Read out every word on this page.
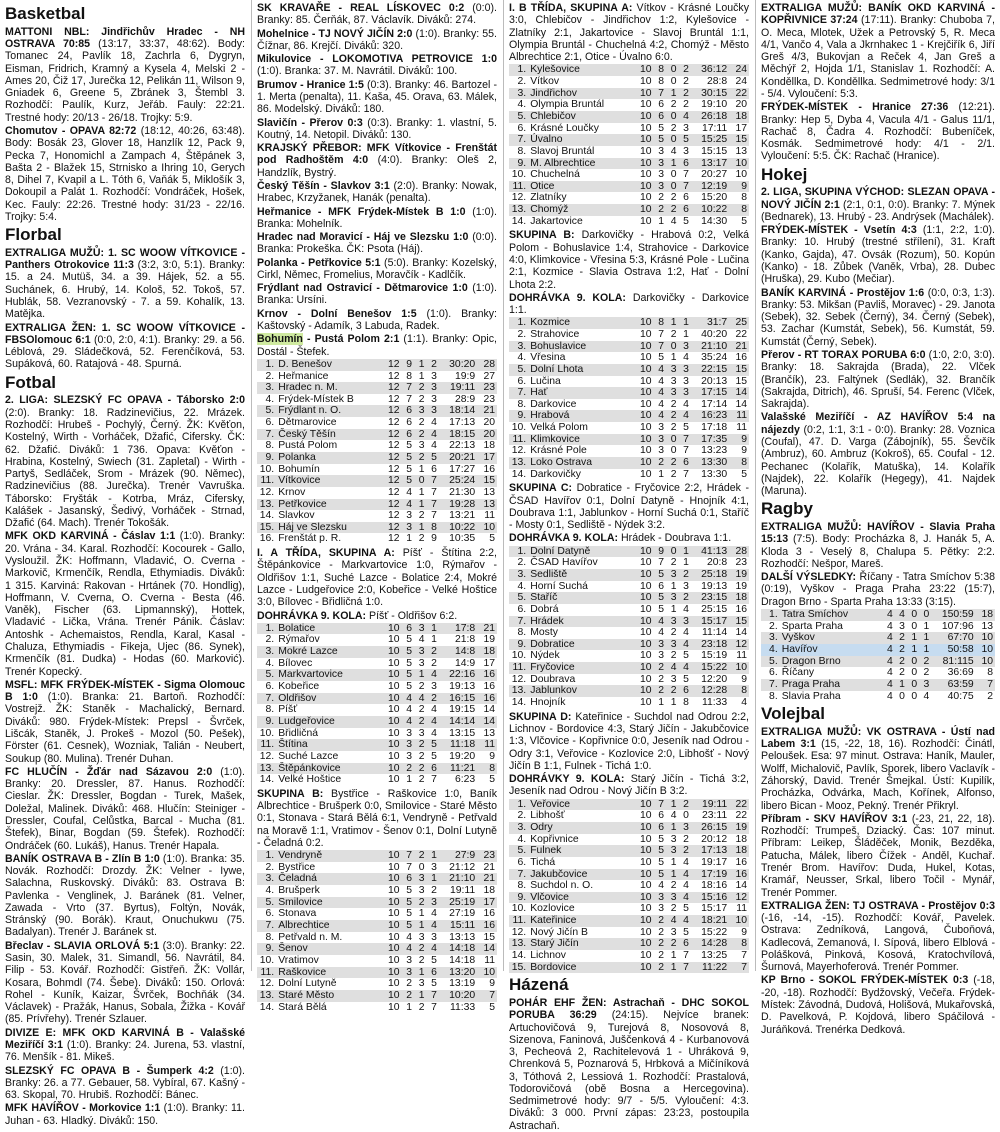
Basketbal

MATTONI NBL: Jindřichův Hradec - NH OSTRAVA 70:85 (13:17, 33:37, 48:62). Body: Tomanec 24, Pavlík 18, Zachrla 6, Dygryn, Eisman, Fridrich, Kramný a Kysela 4, Melski 2 - Ames 20, Čiž 17, Jurečka 12, Pelikán 11, Wilson 9, Gniadek 6, Greene 5, Zbránek 3, Štembl 3. Rozhodčí: Paulík, Kurz, Jeřáb. Fauly: 22:21. Trestné hody: 20/13 - 26/18. Trojky: 5:9.

Chomutov - OPAVA 82:72 (18:12, 40:26, 63:48). Body: Bosák 23, Glover 18, Hanzlík 12, Pack 9, Pecka 7, Honomichl a Zampach 4, Štěpánek 3, Bašta 2 - Blažek 15, Strnisko a Ihring 10, Gerych 8, Dihel 7, Kvapil a L. Tóth 6, Vaňák 5, Miklošík 3, Dokoupil a Palát 1. Rozhodčí: Vondráček, Hošek, Kec. Fauly: 22:26. Trestné hody: 31/23 - 22/16. Trojky: 5:4.

Florbal

EXTRALIGA MUŽŮ: 1. SC WOOW VÍTKOVICE - Panthers Otrokovice 11:3 (3:2, 3:0, 5:1). Branky: 15. a 24. Mutüš, 34. a 39. Hájek, 52. a 55. Suchánek, 6. Hrubý, 14. Kološ, 52. Tokoš, 57. Hublák, 58. Vezranovský - 7. a 59. Kohalík, 13. Matějka.

EXTRALIGA ŽEN: 1. SC WOOW VÍTKOVICE - FBSOlomouc 6:1 (0:0, 2:0, 4:1). Branky: 29. a 56. Léblová, 29. Sládečková, 52. Ferenčíková, 53. Supáková, 60. Ratajová - 48. Spurná.

Fotbal

2. LIGA: SLEZSKÝ FC OPAVA - Táborsko 2:0 (2:0). Branky: 18. Radzinevičius, 22. Mrázek. Rozhodčí: Hrubeš - Pochylý, Černý. ŽK: Kvěťon, Kostelný, Wirth - Vorháček, Džafić, Cifersky. ČK: 62. Džafić. Diváků: 1 736. Opava: Kvěťon - Hrabina, Kostelný, Swiech (31. Zapletal) - Wirth - Partyš, Sedláček, Srom - Mrázek (90. Němec), Radzinevičius (88. Jurečka). Trenér Vavruška. Táborsko: Fryšták - Kotrba, Mráz, Cifersky, Kalášek - Jasanský, Šedivý, Vorháček - Strnad, Džafić (64. Mach). Trenér Tokošák.

MFK OKD KARVINÁ - Čáslav 1:1 (1:0). Branky: 20. Vrána - 34. Karal. Rozhodčí: Kocourek - Gallo, Vysloužil. ŽK: Hoffmann, Vladavić, O. Cverna - Markovič, Krmenčík, Rendla, Ethymiadis. Diváků: 1 315. Karviná: Rakovan - Hrtánek (70. Hondlig), Hoffmann, V. Cverna, O. Cverna - Besta (46. Vaněk), Fischer (63. Lipmannský), Hottek, Vladavić - Lička, Vrána. Trenér Pánik. Čáslav: Antoshk - Achemaistos, Rendla, Karal, Kasal - Chaluza, Ethymiadis - Fikeja, Ujec (86. Synek), Krmenčík (81. Dudka) - Hodas (60. Marković). Trenér Kopecký.

MSFL: MFK FRÝDEK-MÍSTEK - Sigma Olomouc B 1:0 (1:0). Branka: 21. Bartoň. Rozhodčí: Vostrejž. ŽK: Staněk - Machalický, Bernard. Diváků: 980. Frýdek-Místek: Prepsl - Švrček, Lišcák, Staněk, J. Prokeš - Mozol (50. Pešek), Förster (61. Cesnek), Wozniak, Talián - Neubert, Soukup (80. Mulina). Trenér Duhan.

FC HLUČÍN - Žďár nad Sázavou 2:0 (1:0). Branky: 20. Dressler, 87. Hanus. Rozhodčí: Cieslar. ŽK: Dressler, Bogdan - Turek, Mašek, Doležal, Malinek. Diváků: 468. Hlučín: Steiniger - Dressler, Coufal, Celůstka, Barcal - Mucha (81. Štefek), Binar, Bogdan (59. Štefek). Rozhodčí: Ondráček (60. Lukáš), Hanus. Trenér Hapala.

BANÍK OSTRAVA B - Zlín B 1:0 (1:0). Branka: 35. Novák. Rozhodčí: Drozdy. ŽK: Velner - Iywe, Salachna, Ruskovský. Diváků: 83. Ostrava B: Pavlenka - Venglinek, J. Baránek (81. Velner, Zawada - Vrto (37. Byrtus), Foltýn, Novák, Stránský (90. Borák). Kraut, Onuchukwu (75. Badalyan). Trenér J. Baránek st.

Břeclav - SLAVIA ORLOVÁ 5:1 (3:0). Branky: 22. Sasin, 30. Malek, 31. Simandl, 56. Navrátil, 84. Filip - 53. Kovář. Rozhodčí: Gistřeň. ŽK: Vollár, Kosara, Bohmdl (74. Šebe). Diváků: 150. Orlová: Rohel - Kuník, Kaizar, Švrček, Bochňák (34. Václavek) - Pražák, Hanus, Sobala, Žižka - Kovář (85. Prívřehy). Trenér Szlauer.

DIVIZE E: MFK OKD KARVINÁ B - Valašské Meziříčí 3:1 (1:0). Branky: 24. Jurena, 53. vlastní, 76. Menšík - 81. Mikeš.

SLEZSKÝ FC OPAVA B - Šumperk 4:2 (1:0). Branky: 26. a 77. Gebauer, 58. Vybíral, 67. Kašný - 63. Skopal, 70. Hrubiš. Rozhodčí: Bánec.

MFK HAVÍŘOV - Morkovice 1:1 (1:0). Branky: 11. Juhan - 63. Hladký. Diváků: 150.

SK KRAVAŘE - REAL LÍSKOVEC 0:2 (0:0). Branky: 85. Čerňák, 87. Václavík. Diváků: 274.

Mohelnice - TJ NOVÝ JIČÍN 2:0 (1:0). Branky: 55. Čížnar, 86. Krejčí. Diváků: 320.

Mikulovice - LOKOMOTIVA PETROVICE 1:0 (1:0). Branka: 37. M. Navrátil. Diváků: 100.

Brumov - Hranice 1:5 (0:3). Branky: 46. Bartozel - 1. Merta (penalta), 11. Kaša, 45. Orava, 63. Málek, 86. Modelský. Diváků: 180.

Slavičín - Přerov 0:3 (0:3). Branky: 1. vlastní, 5. Koutný, 14. Netopil. Diváků: 130.

KRAJSKÝ PŘEBOR: MFK Vítkovice - Frenštát pod Radhoštěm 4:0 (4:0). Branky: Oleš 2, Handzlík, Bystrý.

Český Těšín - Slavkov 3:1 (2:0). Branky: Nowak, Hrabec, Krzyžanek, Hanák (penalta).

Heřmanice - MFK Frýdek-Místek B 1:0 (1:0). Branka: Mohelník.

Hradec nad Moravicí - Háj ve Slezsku 1:0 (0:0). Branka: Prokeška. ČK: Psota (Háj).

Polanka - Petřkovice 5:1 (5:0). Branky: Kozelský, Cirkl, Němec, Fromelius, Moravčík - Kadlčík.

Frýdlant nad Ostravicí - Dětmarovice 1:0 (1:0). Branka: Ursíni.

Krnov - Dolní Benešov 1:5 (1:0). Branky: Kaštovský - Adamík, 3 Labuda, Radek.

Bohumín - Pustá Polom 2:1 (1:1). Branky: Opic, Dostál - Štefek.

1.	D. Benešov	12	9	1	2	30:20	28
2.	Heřmanice	12	8	1	3	19:9	27
3.	Hradec n. M.	12	7	2	3	19:11	23
4.	Frýdek-Místek B	12	7	2	3	28:9	23
5.	Frýdlant n. O.	12	6	3	3	18:14	21
6.	Dětmarovice	12	6	2	4	17:13	20
7.	Český Těšín	12	6	2	4	18:15	20
8.	Pustá Polom	12	5	3	4	22:13	18
9.	Polanka	12	5	2	5	20:21	17
10.	Bohumín	12	5	1	6	17:27	16
11.	Vítkovice	12	5	0	7	25:24	15
12.	Krnov	12	4	1	7	21:30	13
13.	Petřkovice	12	4	1	7	19:28	13
14.	Slavkov	12	3	2	7	13:21	11
15.	Háj ve Slezsku	12	3	1	8	10:22	10
16.	Frenštát p. R.	12	1	2	9	10:35	5

I. A TŘÍDA, SKUPINA A: Píšť - Štítina 2:2, Štěpánkovice - Markvartovice 1:0, Rýmařov - Oldřišov 1:1, Suché Lazce - Bolatice 2:4, Mokré Lazce - Ludgeřovice 2:0, Kobeřice - Velké Hoštice 3:0, Bílovec - Břidličná 1:0.

DOHRÁVKA 9. KOLA: Píšť - Oldřišov 6:2.

1.	Bolatice	10	6	3	1	17:8	21
2.	Rýmařov	10	5	4	1	21:8	19
3.	Mokré Lazce	10	5	3	2	14:8	18
4.	Bílovec	10	5	3	2	14:9	17
5.	Markvartovice	10	5	1	4	22:16	16
6.	Kobeřice	10	5	2	3	19:13	16
7.	Oldřišov	10	4	4	2	16:15	16
8.	Píšť	10	4	2	4	19:15	14
9.	Ludgeřovice	10	4	2	4	14:14	14
10.	Břidličná	10	3	3	4	13:15	13
11.	Štítina	10	3	2	5	11:18	11
12.	Suché Lazce	10	3	2	5	19:20	9
13.	Štěpánkovice	10	2	2	6	11:21	8
14.	Velké Hoštice	10	1	2	7	6:23	5

SKUPINA B: Bystřice - Raškovice 1:0, Baník Albrechtice - Brušperk 0:0, Smilovice - Staré Město 0:1, Stonava - Stará Bělá 6:1, Vendryně - Petřvald na Moravě 1:1, Vratimov - Šenov 0:1, Dolní Lutyně - Čeladná 0:2.

1.	Vendryně	10	7	2	1	27:9	23
2.	Bystřice	10	7	0	3	21:12	21
3.	Čeladná	10	6	3	1	21:10	21
4.	Brušperk	10	5	3	2	19:11	18
5.	Smilovice	10	5	2	3	25:19	17
6.	Stonava	10	5	1	4	27:19	16
7.	Albrechtice	10	5	1	4	15:11	16
8.	Petřvald n. M.	10	4	3	3	13:13	15
9.	Šenov	10	4	2	4	14:18	14
10.	Vratimov	10	3	2	5	14:18	11
11.	Raškovice	10	3	1	6	13:20	10
12.	Dolní Lutyně	10	2	3	5	13:19	9
13.	Staré Město	10	2	1	7	10:20	7
14.	Stará Bělá	10	1	2	7	11:33	5

I. B TŘÍDA, SKUPINA A: Vítkov - Krásné Loučky 3:0, Chlebičov - Jindřichov 1:2, Kylešovice - Zlatníky 2:1, Jakartovice - Slavoj Bruntál 1:1, Olympia Bruntál - Chuchelná 4:2, Chomýž - Město Albrechtice 2:1, Otice - Úvalno 6:0.

1.	Kylešovice	10	8	0	2	36:12	24
2.	Vítkov	10	8	0	2	28:8	24
3.	Jindřichov	10	7	1	2	30:15	22
4.	Olympia Bruntál	10	6	2	2	19:10	20
5.	Chlebičov	10	6	0	4	26:18	18
6.	Krásné Loučky	10	5	2	3	17:11	17
7.	Úvalno	10	5	0	5	15:25	15
8.	Slavoj Bruntál	10	3	4	3	15:15	13
9.	M. Albrechtice	10	3	1	6	13:17	10
10.	Chuchelná	10	3	0	7	20:27	10
11.	Otice	10	3	0	7	12:19	9
12.	Zlatníky	10	2	2	6	15:20	8
13.	Chomýž	10	2	2	6	10:22	8
14.	Jakartovice	10	1	4	5	14:30	5

SKUPINA B: Darkovičky - Hrabová 0:2, Velká Polom - Bohuslavice 1:4, Strahovice - Darkovice 4:0, Klimkovice - Vřesina 5:3, Krásné Pole - Lučina 2:1, Kozmice - Slavia Ostrava 1:2, Hať - Dolní Lhota 2:2.

DOHRÁVKA 9. KOLA: Darkovičky - Darkovice 1:1.

1.	Kozmice	10	8	1	1	31:7	25
2.	Strahovice	10	7	2	1	40:20	22
3.	Bohuslavice	10	7	0	3	21:10	21
4.	Vřesina	10	5	1	4	35:24	16
5.	Dolní Lhota	10	4	3	3	22:15	15
6.	Lučina	10	4	3	3	20:13	15
7.	Hať	10	4	3	3	17:15	14
8.	Darkovice	10	4	2	4	17:14	14
9.	Hrabová	10	4	2	4	16:23	11
10.	Velká Polom	10	3	2	5	17:18	11
11.	Klimkovice	10	3	0	7	17:35	9
12.	Krásné Pole	10	3	0	7	13:23	9
13.	Loko Ostrava	10	2	2	6	13:30	8
14.	Darkovičky	10	1	2	7	13:30	5

SKUPINA C: Dobratice - Fryčovice 2:2, Hrádek - ČSAD Havířov 0:1, Dolní Datyně - Hnojník 4:1, Doubrava 1:1, Jablunkov - Horní Suchá 0:1, Staříč - Mosty 0:1, Sedliště - Nýdek 3:2.

DOHRÁVKA 9. KOLA: Hrádek - Doubrava 1:1.

1.	Dolní Datyně	10	9	0	1	41:13	28
2.	ČSAD Havířov	10	7	2	1	20:8	23
3.	Sedliště	10	5	3	2	25:18	19
4.	Horní Suchá	10	6	1	3	19:13	19
5.	Staříč	10	5	3	2	23:15	18
6.	Dobrá	10	5	1	4	25:15	16
7.	Hrádek	10	4	3	3	15:17	15
8.	Mosty	10	4	2	4	11:14	14
9.	Dobratice	10	3	3	4	23:18	12
10.	Nýdek	10	3	2	5	15:19	11
11.	Fryčovice	10	2	4	4	15:22	10
12.	Doubrava	10	2	3	5	12:20	9
13.	Jablunkov	10	2	2	6	12:28	8
14.	Hnojník	10	1	1	8	11:33	4

SKUPINA D: Kateřinice - Suchdol nad Odrou 2:2, Lichnov - Bordovice 4:3, Starý Jičín - Jakubčovice 1:3, Vlčovice - Kopřivnice 0:0, Jeseník nad Odrou - Odry 3:1, Veřovice - Kozlovice 2:0, Libhošť - Nový Jičín B 1:1, Fulnek - Tichá 1:0.

DOHRÁVKY 9. KOLA: Starý Jičín - Tichá 3:2, Jeseník nad Odrou - Nový Jičín B 3:2.

1.	Veřovice	10	7	1	2	19:11	22
2.	Libhošť	10	6	4	0	23:11	22
3.	Odry	10	6	1	3	26:15	19
4.	Kopřivnice	10	5	3	2	20:12	18
5.	Fulnek	10	5	3	2	17:13	18
6.	Tichá	10	5	1	4	19:17	16
7.	Jakubčovice	10	5	1	4	17:19	16
8.	Suchdol n. O.	10	4	2	4	18:16	14
9.	Vlčovice	10	3	3	4	15:16	12
10.	Kozlovice	10	3	2	5	15:17	11
11.	Kateřinice	10	2	4	4	18:21	10
12.	Nový Jičín B	10	2	3	5	15:22	9
13.	Starý Jičín	10	2	2	6	14:28	8
14.	Lichnov	10	2	1	7	13:25	7
15.	Bordovice	10	2	1	7	11:22	7
Házená

POHÁR EHF ŽEN: Astrachaň - DHC SOKOL PORUBA 36:29 (24:15). Nejvíce branek: Artuchovičová 9, Turejová 8, Nosovová 8, Sizenova, Faninová, Juščenková 4 - Kurbanovová 3, Pecheová 2, Rachitelevová 1 - Uhráková 9, Chrenková 5, Poznarová 5, Hrbková a Mičíníková 3, Tóthová 2, Lessiová 1. Rozhodčí: Prastalová, Todorovičová (obě Bosna a Hercegovina). Sedmimetrové hody: 9/7 - 5/5. Vyloučení: 4:3. Diváků: 3 000. První zápas: 23:23, postoupila Astrachaň.

EXTRALIGA MUŽŮ: BANÍK OKD KARVINÁ - KOPŘIVNICE 37:24 (17:11). Branky: Chuboba 7, O. Meca, Mlotek, Užek a Petrovský 5, R. Meca 4/1, Vančo 4, Vala a Jkrnhakec 1 - Krejčiřík 6, Jiří Greš 4/3, Bukovjan a Reček 4, Jan Greš a Měchýř 2, Hojda 1/1, Stanislav 1. Rozhodčí: A. Konděllka, D. Konděllka. Sedmimetrové hody: 3/1 - 5/4. Vyloučení: 5:3.

FRÝDEK-MÍSTEK - Hranice 27:36 (12:21). Branky: Hep 5, Dyba 4, Vacula 4/1 - Galus 11/1, Rachač 8, Čadra 4. Rozhodčí: Bubeníček, Kosmák. Sedmimetrové hody: 4/1 - 2/1. Vyloučení: 5:5. ČK: Rachač (Hranice).

Hokej

2. LIGA, SKUPINA VÝCHOD: SLEZAN OPAVA - NOVÝ JIČÍN 2:1 (2:1, 0:1, 0:0). Branky: 7. Mýnek (Bednarek), 13. Hrubý - 23. Andrýsek (Machálek).

FRÝDEK-MÍSTEK - Vsetín 4:3 (1:1, 2:2, 1:0). Branky: 10. Hrubý (trestné střílení), 31. Kraft (Kanko, Gajda), 47. Ovsák (Rozum), 50. Kopún (Kanko) - 18. Zůbek (Vaněk, Vrba), 28. Dubec (Hruška), 29. Kubo (Mečiar).

BANÍK KARVINÁ - Prostějov 1:6 (0:0, 0:3, 1:3). Branky: 53. Mikšan (Pavliš, Moravec) - 29. Janota (Sebek), 32. Sebek (Černý), 34. Černý (Sebek), 53. Zachar (Kumstát, Sebek), 56. Kumstát, 59. Kumstát (Černý, Sebek).

Přerov - RT TORAX PORUBA 6:0 (1:0, 2:0, 3:0). Branky: 18. Sakrajda (Brada), 22. Vlček (Brančík), 23. Faltýnek (Sedlák), 32. Brančík (Sakrajda, Ditrich), 46. Spruší, 54. Ferenc (Vlček, Sakrajda).

Valašské Meziříčí - AZ HAVÍŘOV 5:4 na nájezdy (0:2, 1:1, 3:1 - 0:0). Branky: 28. Voznica (Coufal), 47. D. Varga (Zábojník), 55. Ševčík (Ambruz), 60. Ambruz (Kokroš), 65. Coufal - 12. Pechanec (Kolařík, Matuška), 14. Kolařík (Najdek), 22. Kolařík (Hegegy), 41. Najdek (Maruna).

Ragby

EXTRALIGA MUŽŮ: HAVÍŘOV - Slavia Praha 15:13 (7:5). Body: Procházka 8, J. Hanák 5, A. Kloda 3 - Veselý 8, Chalupa 5. Pětky: 2:2. Rozhodčí: Nešpor, Mareš.

DALŠÍ VÝSLEDKY: Říčany - Tatra Smíchov 5:38 (0:19), Vyškov - Praga Praha 23:22 (15:7), Dragon Brno - Sparta Praha 13:33 (3:15).

1.	Tatra Smíchov	4	4	0	0	150:59	18
2.	Sparta Praha	4	3	0	1	107:96	13
3.	Vyškov	4	2	1	1	67:70	10
4.	Havířov	4	2	1	1	50:58	10
5.	Dragon Brno	4	2	0	2	81:115	10
6.	Říčany	4	2	0	2	36:69	8
7.	Praga Praha	4	1	0	3	63:59	7
8.	Slavia Praha	4	0	0	4	40:75	2
Volejbal

EXTRALIGA MUŽŮ: VK OSTRAVA - Ústí nad Labem 3:1 (15, -22, 18, 16). Rozhodčí: Činátl, Peloušek. Esa: 97 minut. Ostrava: Haník, Mauler, Wolff, Michalovič, Pavlík, Sporek, libero Vaclavík - Záhorský, David. Trenér Šmejkal. Ústí: Kupilík, Procházka, Odvárka, Mach, Kořínek, Alfonso, libero Bican - Mooz, Pekný. Trenér Přikryl.

Příbram - SKV HAVÍŘOV 3:1 (-23, 21, 22, 18). Rozhodčí: Trumpeš, Dziacký. Čas: 107 minut. Příbram: Leikep, Šláděček, Monik, Bezděka, Patucha, Málek, libero Čížek - Anděl, Kuchař. Trenér Brom. Havířov: Duda, Hukel, Kotas, Kramář, Neusser, Srkal, libero Točil - Mynář, Trenér Pommer.

EXTRALIGA ŽEN: TJ OSTRAVA - Prostějov 0:3 (-16, -14, -15). Rozhodčí: Kovář, Pavelek. Ostrava: Zedníková, Langová, Čuboňová, Kadlecová, Zemanová, I. Sípová, libero Elblová - Polášková, Pinková, Kosová, Kratochvílová, Šurnová, Mayerhoferová. Trenér Pommer.

KP Brno - SOKOL FRÝDEK-MÍSTEK 0:3 (-18, -20, -18). Rozhodčí: Bydžovský, Večeřa. Frýdek-Místek: Závodná, Dudová, Holišová, Mukařovská, D. Pavelková, P. Kojdová, libero Spáčilová - Juráňková. Trenérka Dedková.
